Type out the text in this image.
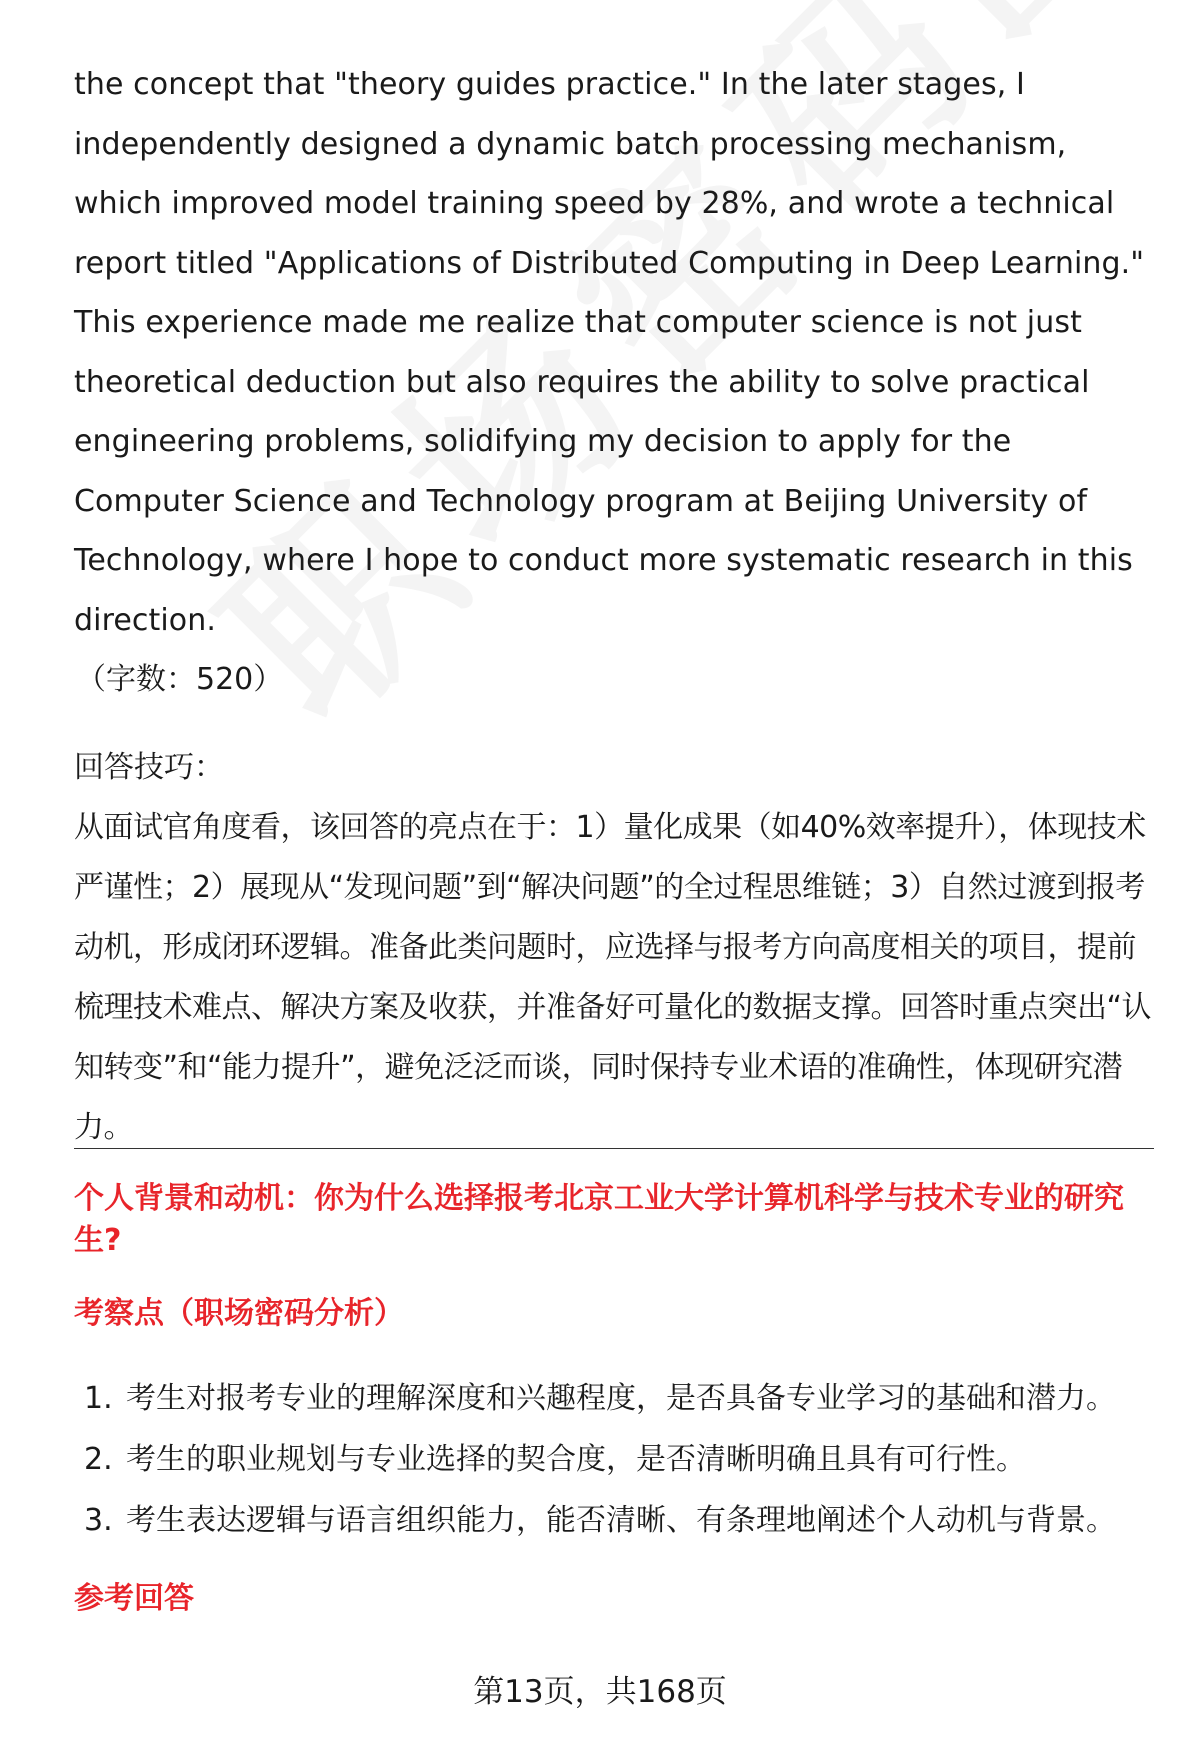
the concept that "theory guides practice." In the later stages, I independently designed a dynamic batch processing mechanism, which improved model training speed by 28%, and wrote a technical report titled "Applications of Distributed Computing in Deep Learning." This experience made me realize that computer science is not just theoretical deduction but also requires the ability to solve practical engineering problems, solidifying my decision to apply for the Computer Science and Technology program at Beijing University of Technology, where I hope to conduct more systematic research in this direction.

（字数：520）

回答技巧：

从面试官角度看，该回答的亮点在于：1）量化成果（如40%效率提升），体现技术严谨性；2）展现从“发现问题”到“解决问题”的全过程思维链；3）自然过渡到报考动机，形成闭环逻辑。准备此类问题时，应选择与报考方向高度相关的项目，提前梳理技术难点、解决方案及收获，并准备好可量化的数据支撑。回答时重点突出“认知转变”和“能力提升”，避免泛泛而谈，同时保持专业术语的准确性，体现研究潜力。

个人背景和动机：你为什么选择报考北京工业大学计算机科学与技术专业的研究生?

考察点（职场密码分析）

1. 考生对报考专业的理解深度和兴趣程度，是否具备专业学习的基础和潜力。
2. 考生的职业规划与专业选择的契合度，是否清晰明确且具有可行性。
3. 考生表达逻辑与语言组织能力，能否清晰、有条理地阐述个人动机与背景。

参考回答

第13页，共168页
